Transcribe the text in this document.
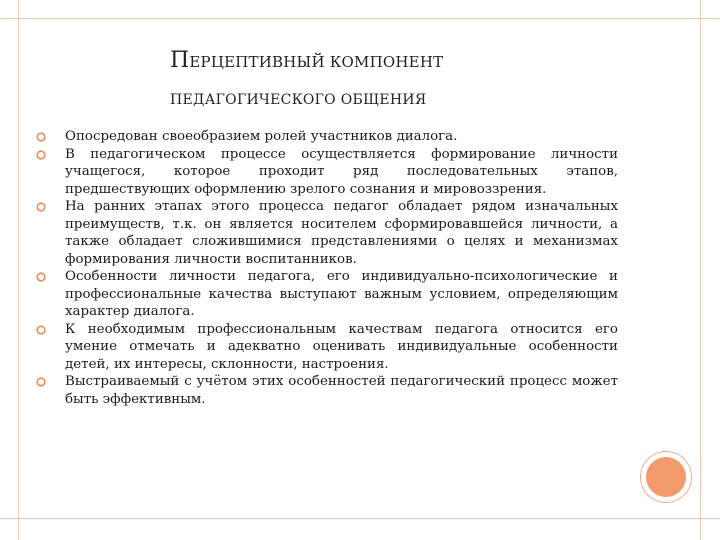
ПЕРЦЕПТИВНЫЙ КОМПОНЕНТ
ПЕДАГОГИЧЕСКОГО ОБЩЕНИЯ
Опосредован своеобразием ролей участников диалога.
В педагогическом процессе осуществляется формирование личности учащегося, которое проходит ряд последовательных этапов, предшествующих оформлению зрелого сознания и мировоззрения.
На ранних этапах этого процесса педагог обладает рядом изначальных преимуществ, т.к. он является носителем сформировавшейся личности, а также обладает сложившимися представлениями о целях и механизмах формирования личности воспитанников.
Особенности личности педагога, его индивидуально-психологические и профессиональные качества выступают важным условием, определяющим характер диалога.
К необходимым профессиональным качествам педагога относится его умение отмечать и адекватно оценивать индивидуальные особенности детей, их интересы, склонности, настроения.
Выстраиваемый с учётом этих особенностей педагогический процесс может быть эффективным.
